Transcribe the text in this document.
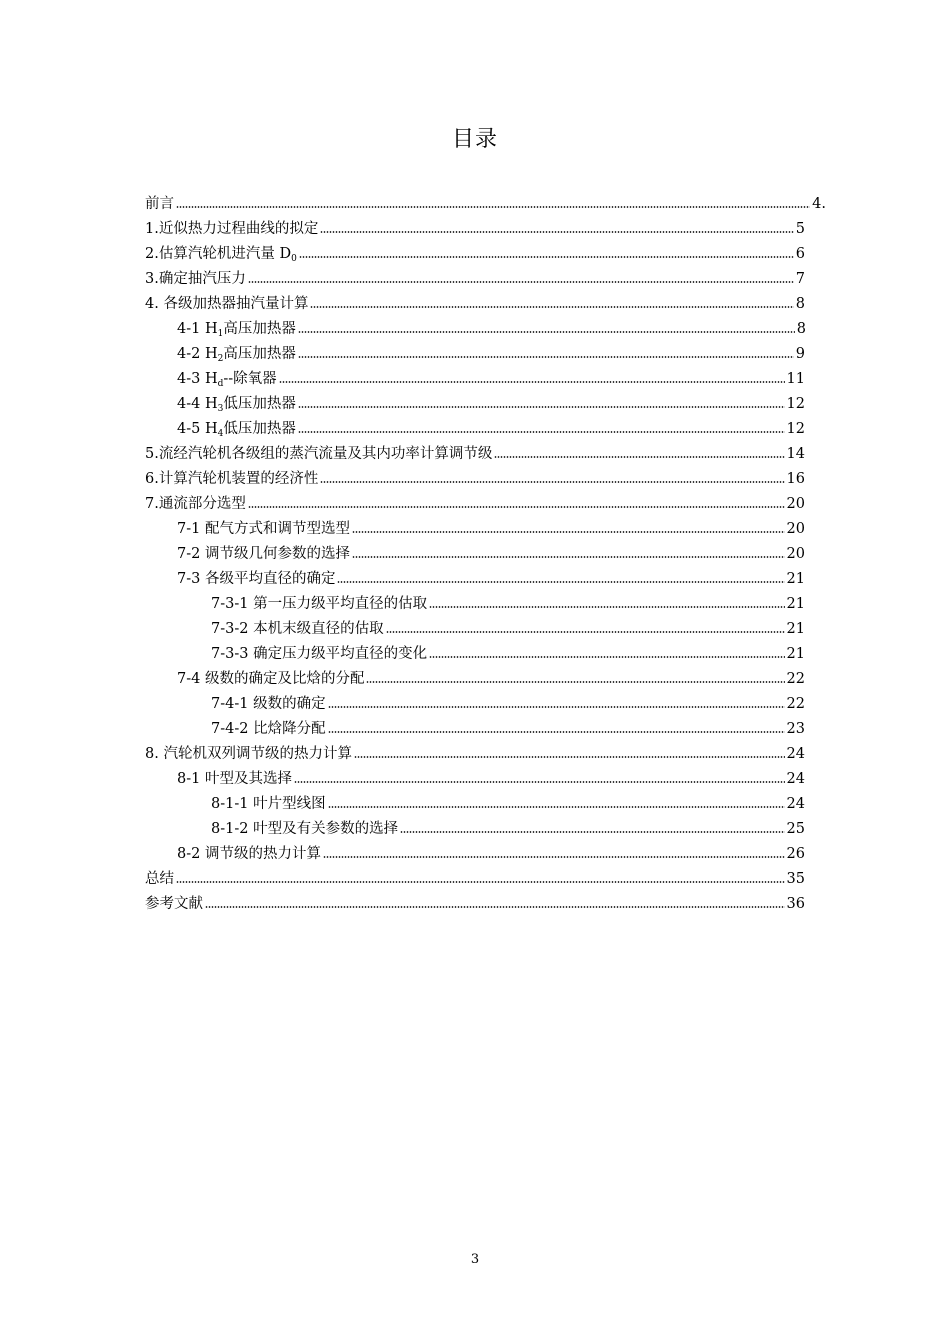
目录
前言	4.
1.近似热力过程曲线的拟定	5
2.估算汽轮机进汽量 $D_0$	6
3.确定抽汽压力	7
4. 各级加热器抽汽量计算	8
4-1 $H_1$高压加热器	8
4-2 $H_2$高压加热器	9
4-3 $H_d--$除氧器	11
4-4 $H_3$低压加热器	12
4-5 $H_4$低压加热器	12
5.流经汽轮机各级组的蒸汽流量及其内功率计算调节级	14
6.计算汽轮机装置的经济性	16
7.通流部分选型	20
7-1 配气方式和调节型选型	20
7-2 调节级几何参数的选择	20
7-3 各级平均直径的确定	21
7-3-1 第一压力级平均直径的估取	21
7-3-2 本机末级直径的估取	21
7-3-3 确定压力级平均直径的变化	21
7-4 级数的确定及比焓的分配	22
7-4-1 级数的确定	22
7-4-2 比焓降分配	23
8. 汽轮机双列调节级的热力计算	24
8-1 叶型及其选择	24
8-1-1 叶片型线图	24
8-1-2 叶型及有关参数的选择	25
8-2 调节级的热力计算	26
总结	35
参考文献	36
3
